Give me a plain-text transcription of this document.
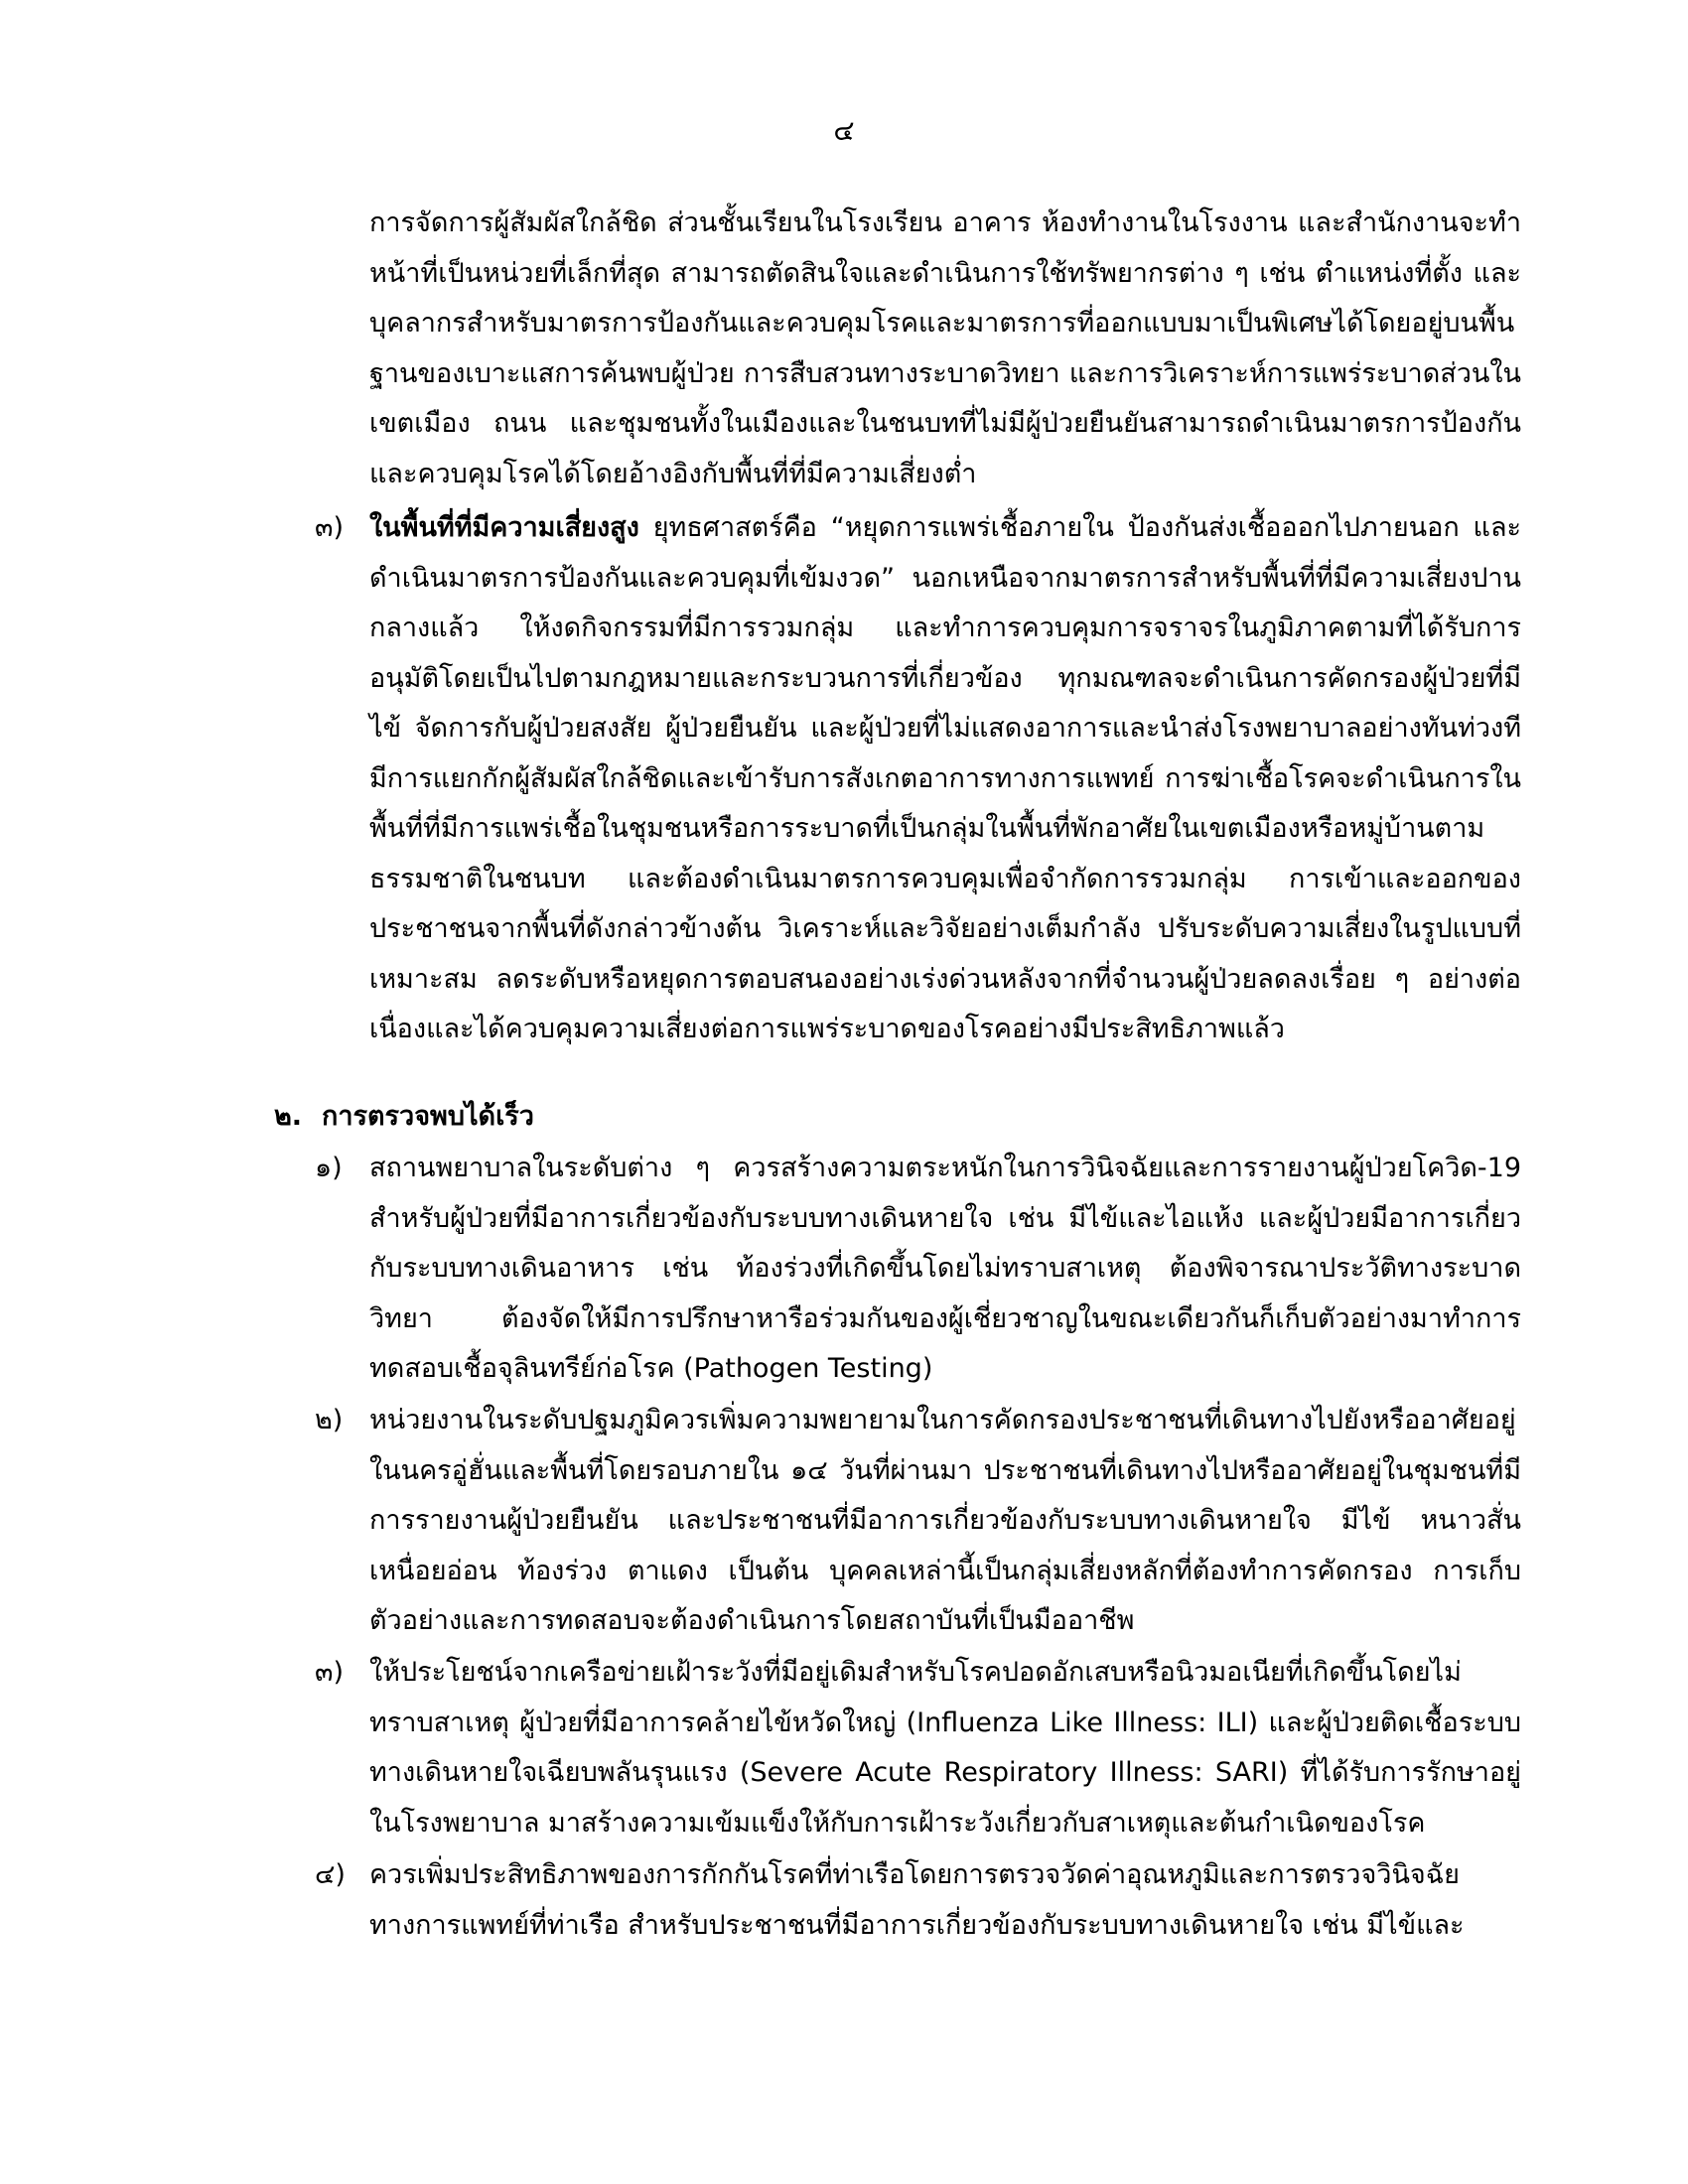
๔

การจัดการผู้สัมผัสใกล้ชิด ส่วนชั้นเรียนในโรงเรียน อาคาร ห้องทำงานในโรงงาน และสำนักงานจะทำหน้าที่เป็นหน่วยที่เล็กที่สุด สามารถตัดสินใจและดำเนินการใช้ทรัพยากรต่าง ๆ เช่น ตำแหน่งที่ตั้ง และบุคลากรสำหรับมาตรการป้องกันและควบคุมโรคและมาตรการที่ออกแบบมาเป็นพิเศษได้โดยอยู่บนพื้นฐานของเบาะแสการค้นพบผู้ป่วย การสืบสวนทางระบาดวิทยา และการวิเคราะห์การแพร่ระบาดส่วนในเขตเมือง ถนน และชุมชนทั้งในเมืองและในชนบทที่ไม่มีผู้ป่วยยืนยันสามารถดำเนินมาตรการป้องกันและควบคุมโรคได้โดยอ้างอิงกับพื้นที่ที่มีความเสี่ยงต่ำ

๓) ในพื้นที่ที่มีความเสี่ยงสูง ยุทธศาสตร์คือ “หยุดการแพร่เชื้อภายใน ป้องกันส่งเชื้อออกไปภายนอก และดำเนินมาตรการป้องกันและควบคุมที่เข้มงวด” นอกเหนือจากมาตรการสำหรับพื้นที่ที่มีความเสี่ยงปานกลางแล้ว ให้งดกิจกรรมที่มีการรวมกลุ่ม และทำการควบคุมการจราจรในภูมิภาคตามที่ได้รับการอนุมัติโดยเป็นไปตามกฎหมายและกระบวนการที่เกี่ยวข้อง ทุกมณฑลจะดำเนินการคัดกรองผู้ป่วยที่มีไข้ จัดการกับผู้ป่วยสงสัย ผู้ป่วยยืนยัน และผู้ป่วยที่ไม่แสดงอาการและนำส่งโรงพยาบาลอย่างทันท่วงที มีการแยกกักผู้สัมผัสใกล้ชิดและเข้ารับการสังเกตอาการทางการแพทย์ การฆ่าเชื้อโรคจะดำเนินการในพื้นที่ที่มีการแพร่เชื้อในชุมชนหรือการระบาดที่เป็นกลุ่มในพื้นที่พักอาศัยในเขตเมืองหรือหมู่บ้านตามธรรมชาติในชนบท และต้องดำเนินมาตรการควบคุมเพื่อจำกัดการรวมกลุ่ม การเข้าและออกของประชาชนจากพื้นที่ดังกล่าวข้างต้น วิเคราะห์และวิจัยอย่างเต็มกำลัง ปรับระดับความเสี่ยงในรูปแบบที่เหมาะสม ลดระดับหรือหยุดการตอบสนองอย่างเร่งด่วนหลังจากที่จำนวนผู้ป่วยลดลงเรื่อย ๆ อย่างต่อเนื่องและได้ควบคุมความเสี่ยงต่อการแพร่ระบาดของโรคอย่างมีประสิทธิภาพแล้ว
๒. การตรวจพบได้เร็ว
๑)	สถานพยาบาลในระดับต่าง ๆ ควรสร้างความตระหนักในการวินิจฉัยและการรายงานผู้ป่วยโควิด-19 สำหรับผู้ป่วยที่มีอาการเกี่ยวข้องกับระบบทางเดินหายใจ เช่น มีไข้และไอแห้ง และผู้ป่วยมีอาการเกี่ยวกับระบบทางเดินอาหาร เช่น ท้องร่วงที่เกิดขึ้นโดยไม่ทราบสาเหตุ ต้องพิจารณาประวัติทางระบาดวิทยา ต้องจัดให้มีการปรึกษาหารือร่วมกันของผู้เชี่ยวชาญในขณะเดียวกันก็เก็บตัวอย่างมาทำการทดสอบเชื้อจุลินทรีย์ก่อโรค (Pathogen Testing)
๒) หน่วยงานในระดับปฐมภูมิควรเพิ่มความพยายามในการคัดกรองประชาชนที่เดินทางไปยังหรืออาศัยอยู่ในนครอู่ฮั่นและพื้นที่โดยรอบภายใน ๑๔ วันที่ผ่านมา ประชาชนที่เดินทางไปหรืออาศัยอยู่ในชุมชนที่มีการรายงานผู้ป่วยยืนยัน และประชาชนที่มีอาการเกี่ยวข้องกับระบบทางเดินหายใจ มีไข้ หนาวสั่น เหนื่อยอ่อน ท้องร่วง ตาแดง เป็นต้น บุคคลเหล่านี้เป็นกลุ่มเสี่ยงหลักที่ต้องทำการคัดกรอง การเก็บตัวอย่างและการทดสอบจะต้องดำเนินการโดยสถาบันที่เป็นมืออาชีพ
๓) ให้ประโยชน์จากเครือข่ายเฝ้าระวังที่มีอยู่เดิมสำหรับโรคปอดอักเสบหรือนิวมอเนียที่เกิดขึ้นโดยไม่ทราบสาเหตุ ผู้ป่วยที่มีอาการคล้ายไข้หวัดใหญ่ (Influenza Like Illness: ILI) และผู้ป่วยติดเชื้อระบบทางเดินหายใจเฉียบพลันรุนแรง (Severe Acute Respiratory Illness: SARI) ที่ได้รับการรักษาอยู่ในโรงพยาบาล มาสร้างความเข้มแข็งให้กับการเฝ้าระวังเกี่ยวกับสาเหตุและต้นกำเนิดของโรค
๔) ควรเพิ่มประสิทธิภาพของการกักกันโรคที่ท่าเรือโดยการตรวจวัดค่าอุณหภูมิและการตรวจวินิจฉัยทางการแพทย์ที่ท่าเรือ สำหรับประชาชนที่มีอาการเกี่ยวข้องกับระบบทางเดินหายใจ เช่น มีไข้และ
